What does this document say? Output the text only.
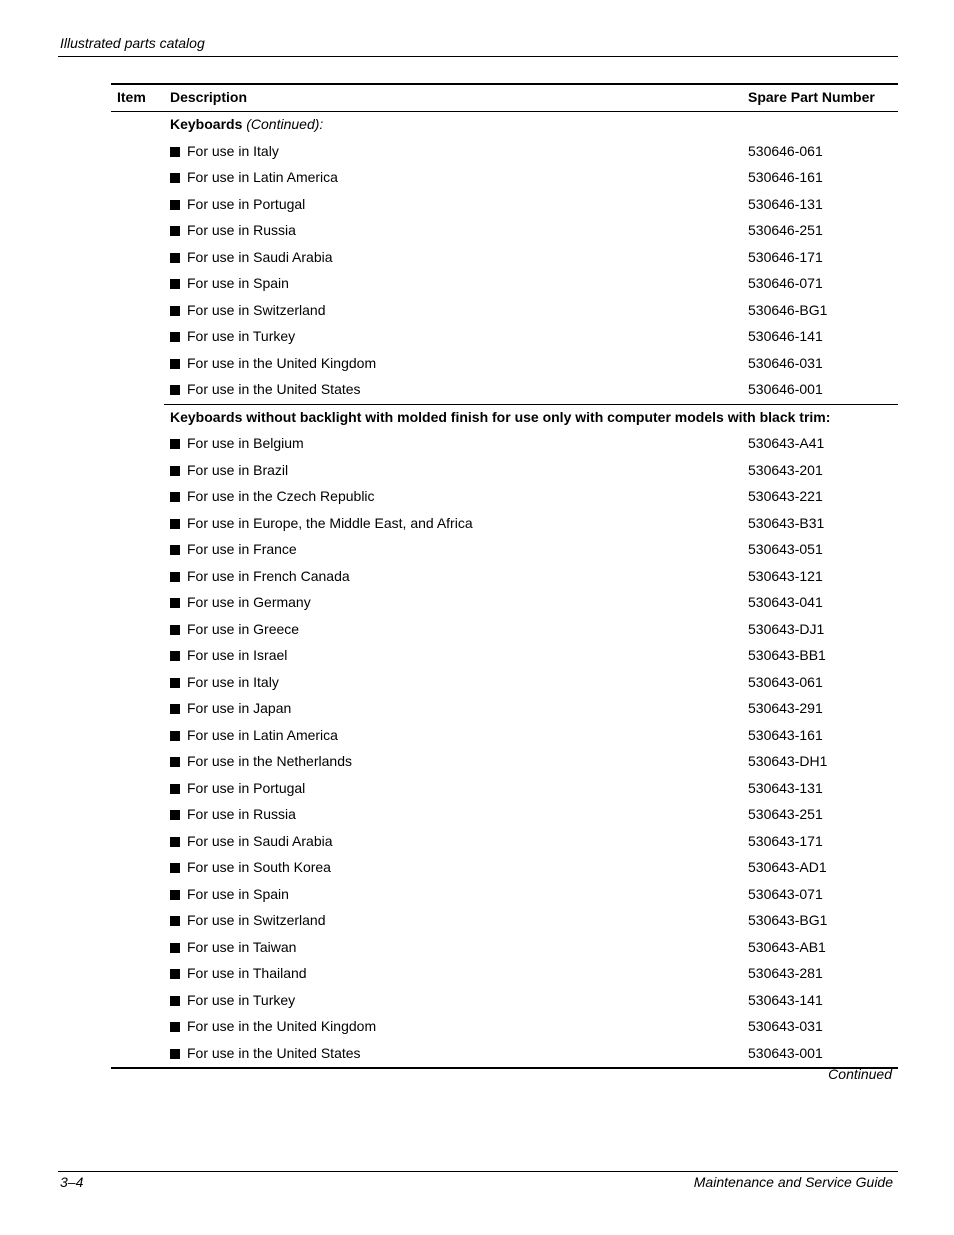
Illustrated parts catalog
Item Description	Spare Part Number
Keyboards (Continued):
For use in Italy	530646-061
For use in Latin America	530646-161
For use in Portugal	530646-131
For use in Russia	530646-251
For use in Saudi Arabia	530646-171
For use in Spain	530646-071
For use in Switzerland	530646-BG1
For use in Turkey	530646-141
For use in the United Kingdom	530646-031
For use in the United States	530646-001
Keyboards without backlight with molded finish for use only with computer models with black trim:
For use in Belgium	530643-A41
For use in Brazil	530643-201
For use in the Czech Republic	530643-221
For use in Europe, the Middle East, and Africa	530643-B31
For use in France	530643-051
For use in French Canada	530643-121
For use in Germany	530643-041
For use in Greece	530643-DJ1
For use in Israel	530643-BB1
For use in Italy	530643-061
For use in Japan	530643-291
For use in Latin America	530643-161
For use in the Netherlands	530643-DH1
For use in Portugal	530643-131
For use in Russia	530643-251
For use in Saudi Arabia	530643-171
For use in South Korea	530643-AD1
For use in Spain	530643-071
For use in Switzerland	530643-BG1
For use in Taiwan	530643-AB1
For use in Thailand	530643-281
For use in Turkey	530643-141
For use in the United Kingdom	530643-031
For use in the United States	530643-001
Continued
3–4	Maintenance and Service Guide
